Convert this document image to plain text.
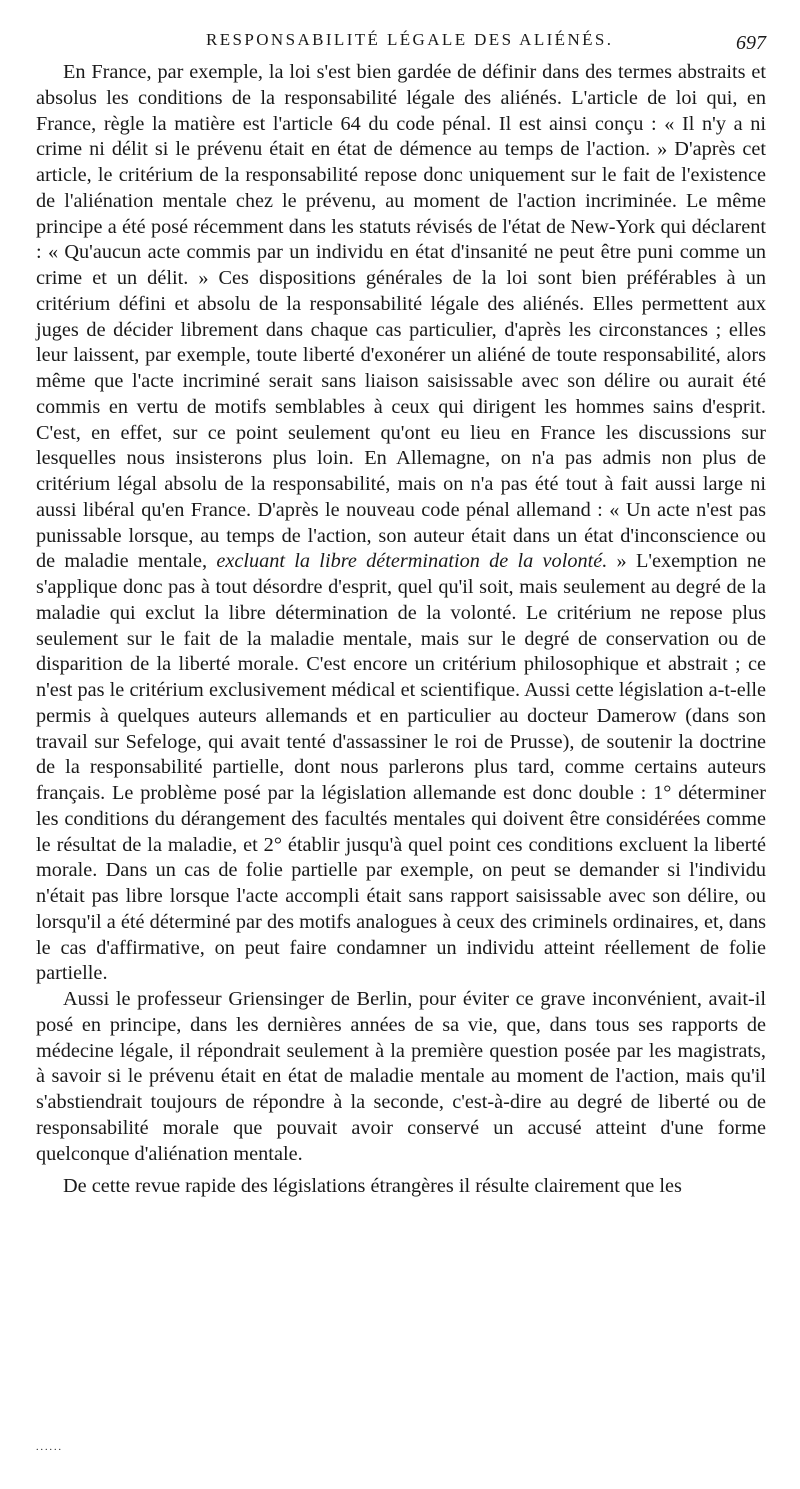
RESPONSABILITÉ LÉGALE DES ALIÉNÉS.	697

En France, par exemple, la loi s'est bien gardée de définir dans des termes abstraits et absolus les conditions de la responsabilité légale des aliénés. L'article de loi qui, en France, règle la matière est l'article 64 du code pénal. Il est ainsi conçu : « Il n'y a ni crime ni délit si le prévenu était en état de démence au temps de l'action. » D'après cet article, le critérium de la responsabilité repose donc uniquement sur le fait de l'existence de l'aliénation mentale chez le prévenu, au moment de l'action incriminée. Le même principe a été posé récemment dans les statuts révisés de l'état de New-York qui déclarent : « Qu'aucun acte commis par un individu en état d'insanité ne peut être puni comme un crime et un délit. » Ces dispositions générales de la loi sont bien préférables à un critérium défini et absolu de la responsabilité légale des aliénés. Elles permettent aux juges de décider librement dans chaque cas particulier, d'après les circonstances ; elles leur laissent, par exemple, toute liberté d'exonérer un aliéné de toute responsabilité, alors même que l'acte incriminé serait sans liaison saisissable avec son délire ou aurait été commis en vertu de motifs semblables à ceux qui dirigent les hommes sains d'esprit. C'est, en effet, sur ce point seulement qu'ont eu lieu en France les discussions sur lesquelles nous insisterons plus loin. En Allemagne, on n'a pas admis non plus de critérium légal absolu de la responsabilité, mais on n'a pas été tout à fait aussi large ni aussi libéral qu'en France. D'après le nouveau code pénal allemand : « Un acte n'est pas punissable lorsque, au temps de l'action, son auteur était dans un état d'inconscience ou de maladie mentale, excluant la libre détermination de la volonté. » L'exemption ne s'applique donc pas à tout désordre d'esprit, quel qu'il soit, mais seulement au degré de la maladie qui exclut la libre détermination de la volonté. Le critérium ne repose plus seulement sur le fait de la maladie mentale, mais sur le degré de conservation ou de disparition de la liberté morale. C'est encore un critérium philosophique et abstrait ; ce n'est pas le critérium exclusivement médical et scientifique. Aussi cette législation a-t-elle permis à quelques auteurs allemands et en particulier au docteur Damerow (dans son travail sur Sefeloge, qui avait tenté d'assassiner le roi de Prusse), de soutenir la doctrine de la responsabilité partielle, dont nous parlerons plus tard, comme certains auteurs français. Le problème posé par la législation allemande est donc double : 1° déterminer les conditions du dérangement des facultés mentales qui doivent être considérées comme le résultat de la maladie, et 2° établir jusqu'à quel point ces conditions excluent la liberté morale. Dans un cas de folie partielle par exemple, on peut se demander si l'individu n'était pas libre lorsque l'acte accompli était sans rapport saisissable avec son délire, ou lorsqu'il a été déterminé par des motifs analogues à ceux des criminels ordinaires, et, dans le cas d'affirmative, on peut faire condamner un individu atteint réellement de folie partielle.

Aussi le professeur Griensinger de Berlin, pour éviter ce grave inconvénient, avait-il posé en principe, dans les dernières années de sa vie, que, dans tous ses rapports de médecine légale, il répondrait seulement à la première question posée par les magistrats, à savoir si le prévenu était en état de maladie mentale au moment de l'action, mais qu'il s'abstiendrait toujours de répondre à la seconde, c'est-à-dire au degré de liberté ou de responsabilité morale que pouvait avoir conservé un accusé atteint d'une forme quelconque d'aliénation mentale.

De cette revue rapide des législations étrangères il résulte clairement que les

......
